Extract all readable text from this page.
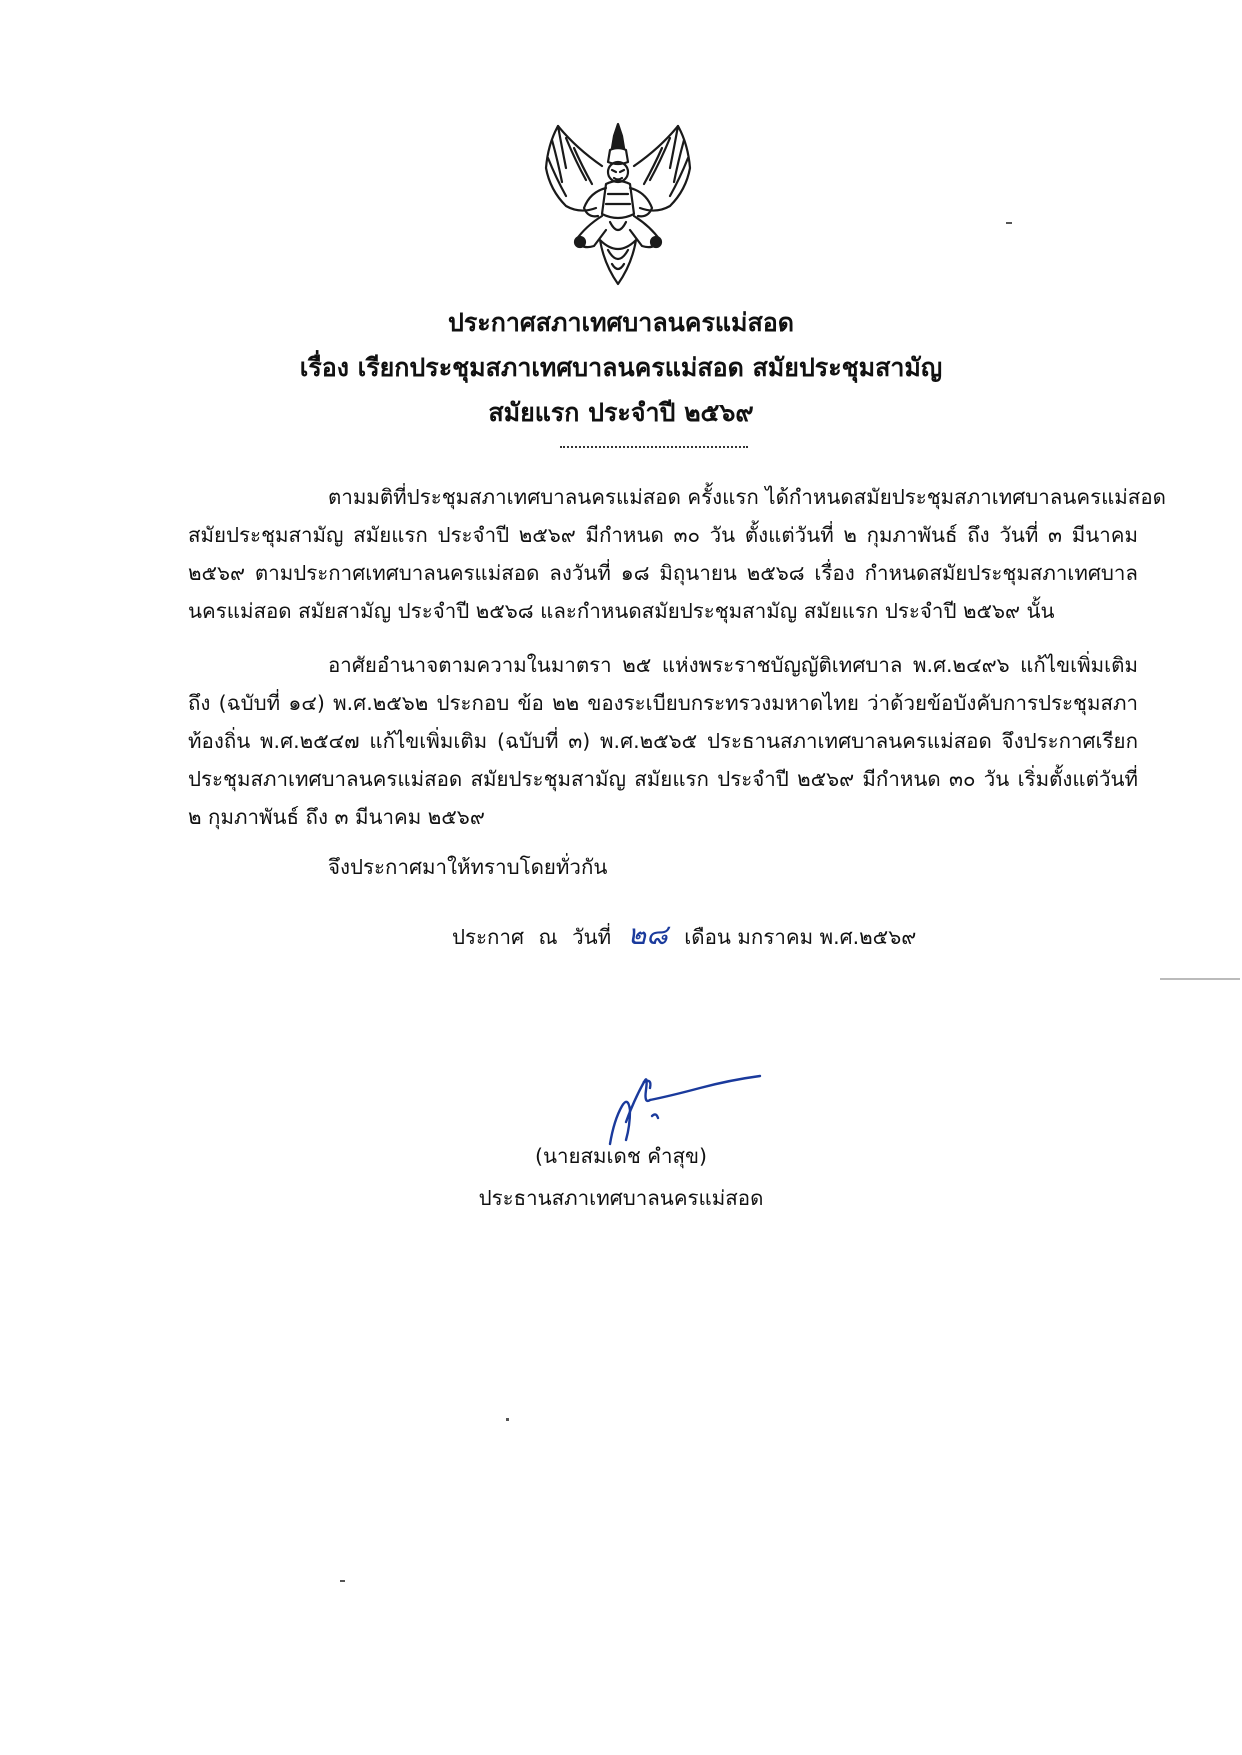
ประกาศสภาเทศบาลนครแม่สอด
เรื่อง เรียกประชุมสภาเทศบาลนครแม่สอด สมัยประชุมสามัญ
สมัยแรก ประจำปี ๒๕๖๙
ตามมติที่ประชุมสภาเทศบาลนครแม่สอด ครั้งแรก ได้กำหนดสมัยประชุมสภาเทศบาลนครแม่สอด
สมัยประชุมสามัญ สมัยแรก ประจำปี ๒๕๖๙ มีกำหนด ๓๐ วัน ตั้งแต่วันที่ ๒ กุมภาพันธ์ ถึง วันที่ ๓ มีนาคม
๒๕๖๙ ตามประกาศเทศบาลนครแม่สอด ลงวันที่ ๑๘ มิถุนายน ๒๕๖๘ เรื่อง กำหนดสมัยประชุมสภาเทศบาล
นครแม่สอด สมัยสามัญ ประจำปี ๒๕๖๘ และกำหนดสมัยประชุมสามัญ สมัยแรก ประจำปี ๒๕๖๙ นั้น
อาศัยอำนาจตามความในมาตรา ๒๕ แห่งพระราชบัญญัติเทศบาล พ.ศ.๒๔๙๖ แก้ไขเพิ่มเติม
ถึง (ฉบับที่ ๑๔) พ.ศ.๒๕๖๒ ประกอบ ข้อ ๒๒ ของระเบียบกระทรวงมหาดไทย ว่าด้วยข้อบังคับการประชุมสภา
ท้องถิ่น พ.ศ.๒๕๔๗ แก้ไขเพิ่มเติม (ฉบับที่ ๓) พ.ศ.๒๕๖๕ ประธานสภาเทศบาลนครแม่สอด จึงประกาศเรียก
ประชุมสภาเทศบาลนครแม่สอด สมัยประชุมสามัญ สมัยแรก ประจำปี ๒๕๖๙ มีกำหนด ๓๐ วัน เริ่มตั้งแต่วันที่
๒ กุมภาพันธ์ ถึง ๓ มีนาคม ๒๕๖๙
จึงประกาศมาให้ทราบโดยทั่วกัน
ประกาศ ณ วันที่ ๒๘ เดือน มกราคม พ.ศ.๒๕๖๙
(นายสมเดช คำสุข)
ประธานสภาเทศบาลนครแม่สอด
